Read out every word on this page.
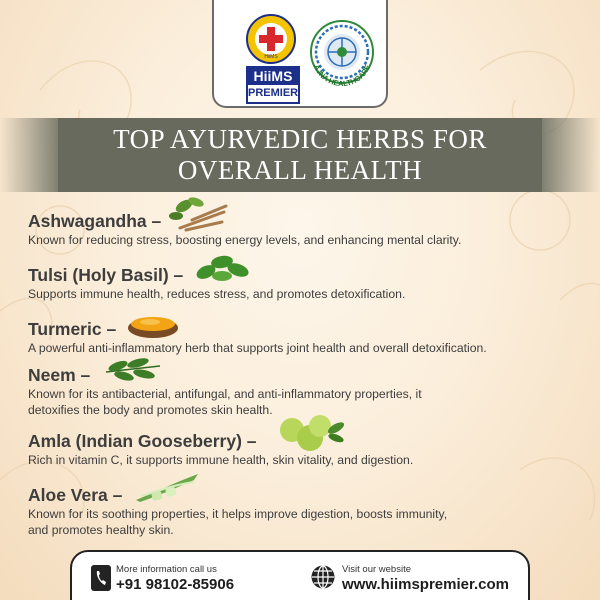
HiiMS
HiiMS
PREMIER
AJNA HEALTHCARE
TOP AYURVEDIC HERBS FOR
OVERALL HEALTH
Ashwagandha –
Known for reducing stress, boosting energy levels, and enhancing mental clarity.
Tulsi (Holy Basil) –
Supports immune health, reduces stress, and promotes detoxification.
Turmeric –
A powerful anti-inflammatory herb that supports joint health and overall detoxification.
Neem –
Known for its antibacterial, antifungal, and anti-inflammatory properties, it
detoxifies the body and promotes skin health.
Amla (Indian Gooseberry) –
Rich in vitamin C, it supports immune health, skin vitality, and digestion.
Aloe Vera –
Known for its soothing properties, it helps improve digestion, boosts immunity,
and promotes healthy skin.
More information call us
+91 98102-85906
Visit our website
www.hiimspremier.com
